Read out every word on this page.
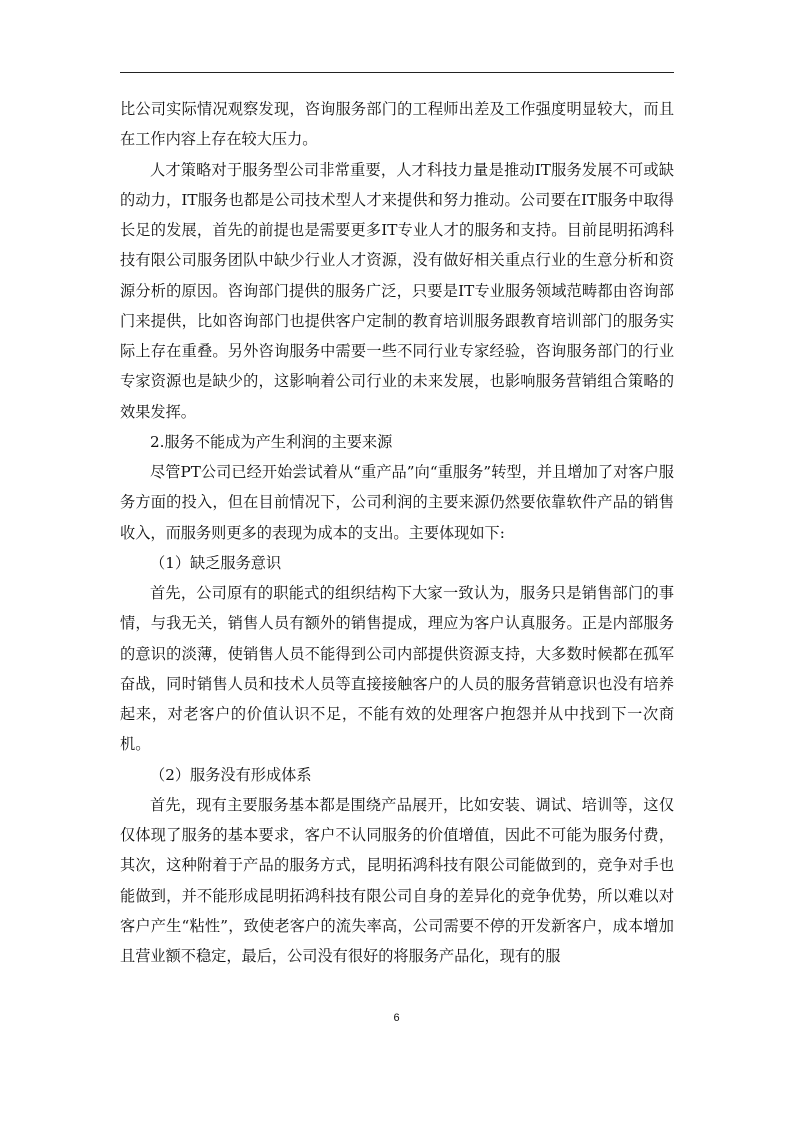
比公司实际情况观察发现，咨询服务部门的工程师出差及工作强度明显较大，而且在工作内容上存在较大压力。

人才策略对于服务型公司非常重要，人才科技力量是推动IT服务发展不可或缺的动力，IT服务也都是公司技术型人才来提供和努力推动。公司要在IT服务中取得长足的发展，首先的前提也是需要更多IT专业人才的服务和支持。目前昆明拓鸿科技有限公司服务团队中缺少行业人才资源，没有做好相关重点行业的生意分析和资源分析的原因。咨询部门提供的服务广泛，只要是IT专业服务领域范畴都由咨询部门来提供，比如咨询部门也提供客户定制的教育培训服务跟教育培训部门的服务实际上存在重叠。另外咨询服务中需要一些不同行业专家经验，咨询服务部门的行业专家资源也是缺少的，这影响着公司行业的未来发展，也影响服务营销组合策略的效果发挥。

2.服务不能成为产生利润的主要来源

尽管PT公司已经开始尝试着从“重产品”向“重服务”转型，并且增加了对客户服务方面的投入，但在目前情况下，公司利润的主要来源仍然要依靠软件产品的销售收入，而服务则更多的表现为成本的支出。主要体现如下:

（1）缺乏服务意识

首先，公司原有的职能式的组织结构下大家一致认为，服务只是销售部门的事情，与我无关，销售人员有额外的销售提成，理应为客户认真服务。正是内部服务的意识的淡薄，使销售人员不能得到公司内部提供资源支持，大多数时候都在孤军奋战，同时销售人员和技术人员等直接接触客户的人员的服务营销意识也没有培养起来，对老客户的价值认识不足，不能有效的处理客户抱怨并从中找到下一次商机。

（2）服务没有形成体系

首先，现有主要服务基本都是围绕产品展开，比如安装、调试、培训等，这仅仅体现了服务的基本要求，客户不认同服务的价值增值，因此不可能为服务付费，其次，这种附着于产品的服务方式，昆明拓鸿科技有限公司能做到的，竞争对手也能做到，并不能形成昆明拓鸿科技有限公司自身的差异化的竞争优势，所以难以对客户产生“粘性”，致使老客户的流失率高，公司需要不停的开发新客户，成本增加且营业额不稳定，最后，公司没有很好的将服务产品化，现有的服

6
